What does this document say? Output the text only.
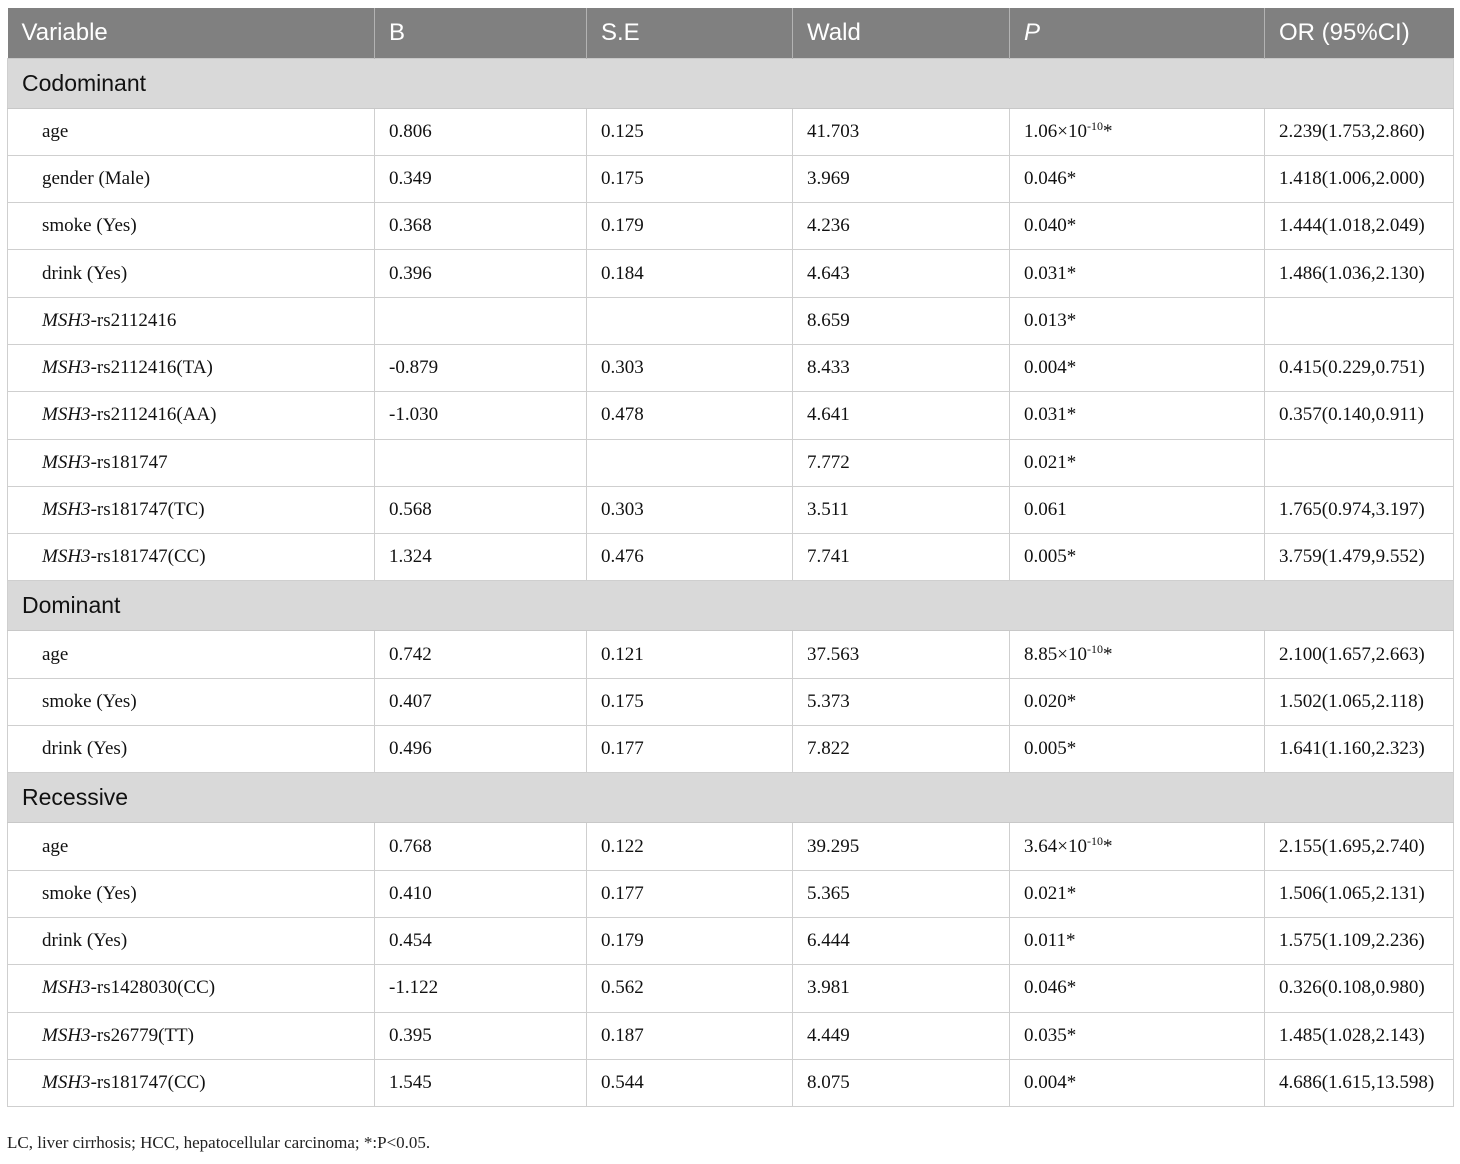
Variable	B	S.E	Wald	P	OR (95%CI)
Codominant					
age	0.806	0.125	41.703	$1.06\times 10^{-10}*$	2.239(1.753,2.860)
gender (Male)	0.349	0.175	3.969	0.046*	1.418(1.006,2.000)
smoke (Yes)	0.368	0.179	4.236	0.040*	1.444(1.018,2.049)
drink (Yes)	0.396	0.184	4.643	0.031*	1.486(1.036,2.130)
MSH3-rs2112416			8.659	0.013*	
MSH3-rs2112416(TA)	-0.879	0.303	8.433	0.004*	0.415(0.229,0.751)
MSH3-rs2112416(AA)	-1.030	0.478	4.641	0.031*	0.357(0.140,0.911)
MSH3-rs181747			7.772	0.021*	
MSH3-rs181747(TC)	0.568	0.303	3.511	0.061	1.765(0.974,3.197)
MSH3-rs181747(CC)	1.324	0.476	7.741	0.005*	3.759(1.479,9.552)
Dominant					
age	0.742	0.121	37.563	$8.85\times 10^{-10}*$	2.100(1.657,2.663)
smoke (Yes)	0.407	0.175	5.373	0.020*	1.502(1.065,2.118)
drink (Yes)	0.496	0.177	7.822	0.005*	1.641(1.160,2.323)
Recessive					
age	0.768	0.122	39.295	$3.64\times 10^{-10}*$	2.155(1.695,2.740)
smoke (Yes)	0.410	0.177	5.365	0.021*	1.506(1.065,2.131)
drink (Yes)	0.454	0.179	6.444	0.011*	1.575(1.109,2.236)
MSH3-rs1428030(CC)	-1.122	0.562	3.981	0.046*	0.326(0.108,0.980)
MSH3-rs26779(TT)	0.395	0.187	4.449	0.035*	1.485(1.028,2.143)
MSH3-rs181747(CC)	1.545	0.544	8.075	0.004*	4.686(1.615,13.598)
LC, liver cirrhosis; HCC, hepatocellular carcinoma; *:P<0.05.
